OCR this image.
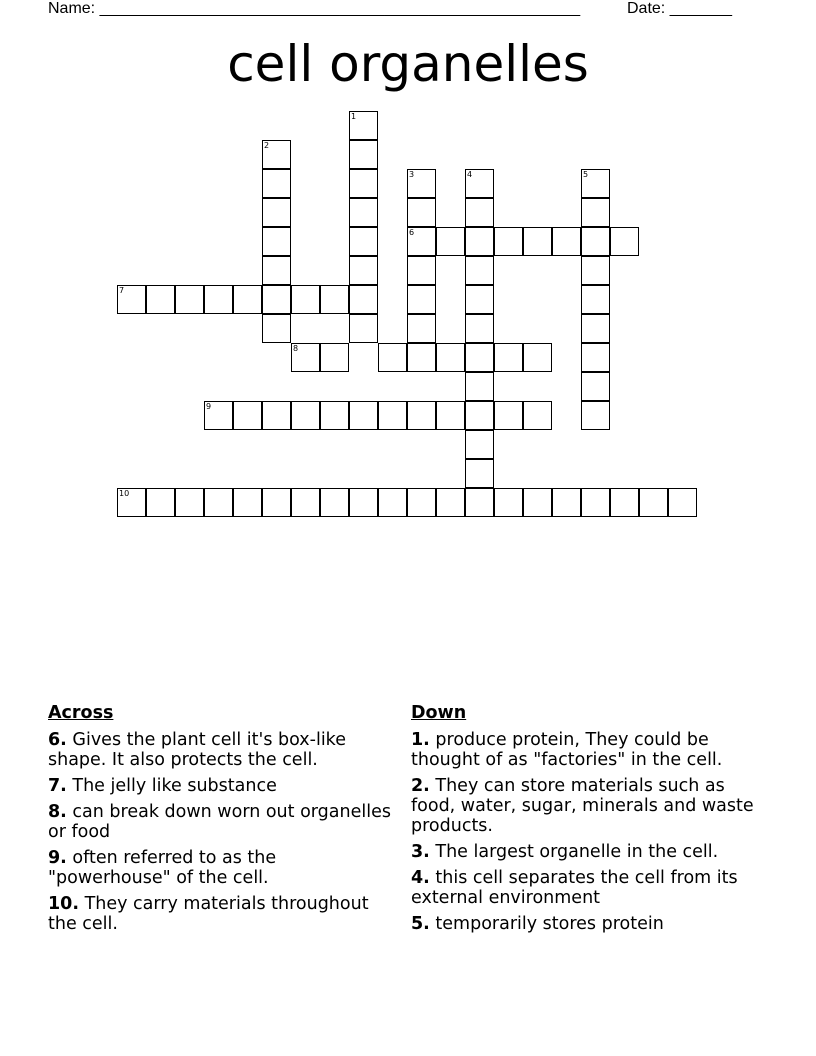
Name: ______________________________________________________	Date: _______
cell organelles
1
2
3
6
4	5
7
8
9
10
Across
6. Gives the plant cell it's box-like shape. It also protects the cell.
7. The jelly like substance
8. can break down worn out organelles or food
9. often referred to as the "powerhouse" of the cell.
10. They carry materials throughout the cell.
Down
1. produce protein, They could be thought of as "factories" in the cell.
2. They can store materials such as food, water, sugar, minerals and waste products.
3. The largest organelle in the cell.
4. this cell separates the cell from its external environment
5. temporarily stores protein
